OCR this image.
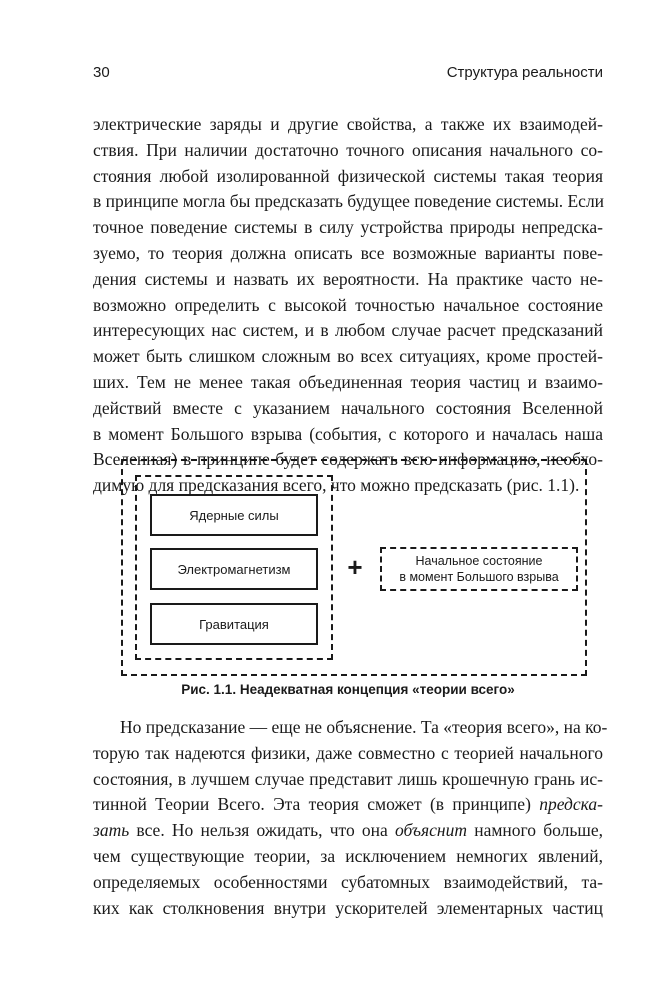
30	Структура реальности
электрические заряды и другие свойства, а также их взаимодей-
ствия. При наличии достаточно точного описания начального со-
стояния любой изолированной физической системы такая теория
в принципе могла бы предсказать будущее поведение системы. Если
точное поведение системы в силу устройства природы непредска-
зуемо, то теория должна описать все возможные варианты пове-
дения системы и назвать их вероятности. На практике часто не-
возможно определить с высокой точностью начальное состояние
интересующих нас систем, и в любом случае расчет предсказаний
может быть слишком сложным во всех ситуациях, кроме простей-
ших. Тем не менее такая объединенная теория частиц и взаимо-
действий вместе с указанием начального состояния Вселенной
в момент Большого взрыва (события, с которого и началась наша
Вселенная) в принципе будет содержать всю информацию, необхо-
димую для предсказания всего, что можно предсказать (рис. 1.1).
Ядерные силы
Электромагнетизм
Гравитация
+	Начальное состояние
в момент Большого взрыва
Рис. 1.1. Неадекватная концепция «теории всего»
Но предсказание — еще не объяснение. Та «теория всего», на ко-
торую так надеются физики, даже совместно с теорией начального
состояния, в лучшем случае представит лишь крошечную грань ис-
тинной Теории Всего. Эта теория сможет (в принципе) предска-
зать все. Но нельзя ожидать, что она объяснит намного больше,
чем существующие теории, за исключением немногих явлений,
определяемых особенностями субатомных взаимодействий, та-
ких как столкновения внутри ускорителей элементарных частиц
